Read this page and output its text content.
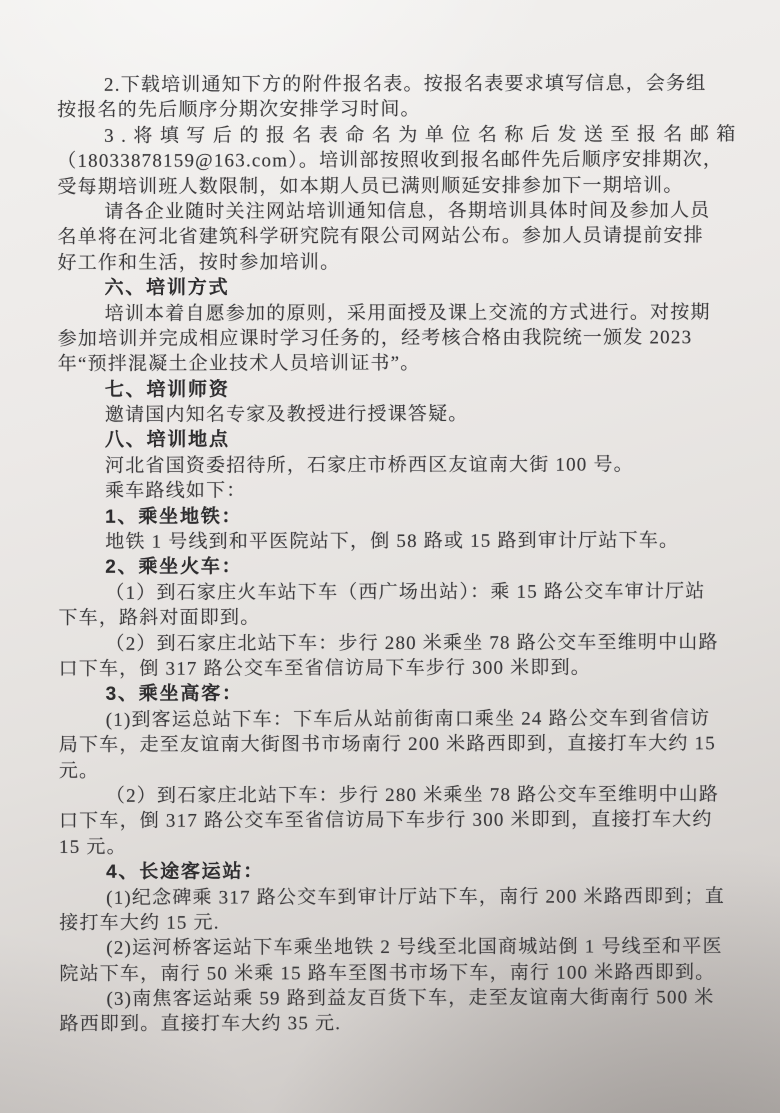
2.下载培训通知下方的附件报名表。按报名表要求填写信息，会务组
按报名的先后顺序分期次安排学习时间。
3.将填写后的报名表命名为单位名称后发送至报名邮箱
（18033878159@163.com）。培训部按照收到报名邮件先后顺序安排期次，
受每期培训班人数限制，如本期人员已满则顺延安排参加下一期培训。
请各企业随时关注网站培训通知信息，各期培训具体时间及参加人员
名单将在河北省建筑科学研究院有限公司网站公布。参加人员请提前安排
好工作和生活，按时参加培训。
六、培训方式
培训本着自愿参加的原则，采用面授及课上交流的方式进行。对按期
参加培训并完成相应课时学习任务的，经考核合格由我院统一颁发 2023
年“预拌混凝土企业技术人员培训证书”。
七、培训师资
邀请国内知名专家及教授进行授课答疑。
八、培训地点
河北省国资委招待所，石家庄市桥西区友谊南大街 100 号。
乘车路线如下：
1、乘坐地铁：
地铁 1 号线到和平医院站下，倒 58 路或 15 路到审计厅站下车。
2、乘坐火车：
（1）到石家庄火车站下车（西广场出站）：乘 15 路公交车审计厅站
下车，路斜对面即到。
（2）到石家庄北站下车：步行 280 米乘坐 78 路公交车至维明中山路
口下车，倒 317 路公交车至省信访局下车步行 300 米即到。
3、乘坐高客：
(1)到客运总站下车：下车后从站前街南口乘坐 24 路公交车到省信访
局下车，走至友谊南大街图书市场南行 200 米路西即到，直接打车大约 15
元。
（2）到石家庄北站下车：步行 280 米乘坐 78 路公交车至维明中山路
口下车，倒 317 路公交车至省信访局下车步行 300 米即到，直接打车大约
15 元。
4、长途客运站：
(1)纪念碑乘 317 路公交车到审计厅站下车，南行 200 米路西即到；直
接打车大约 15 元.
(2)运河桥客运站下车乘坐地铁 2 号线至北国商城站倒 1 号线至和平医
院站下车，南行 50 米乘 15 路车至图书市场下车，南行 100 米路西即到。
(3)南焦客运站乘 59 路到益友百货下车，走至友谊南大街南行 500 米
路西即到。直接打车大约 35 元.
